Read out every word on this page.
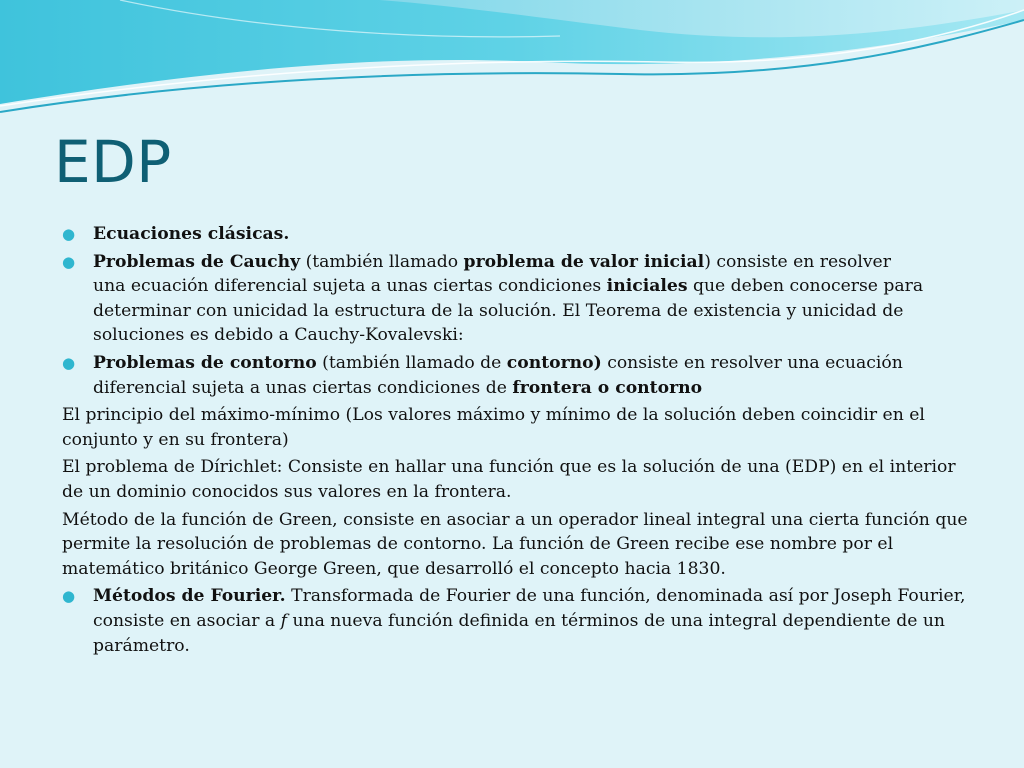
EDP
● Ecuaciones clásicas.
● Problemas de Cauchy (también llamado problema de valor inicial) consiste en resolver
una ecuación diferencial sujeta a unas ciertas condiciones iniciales que deben conocerse para determinar con unicidad la estructura de la solución. El Teorema de existencia y unicidad de soluciones es debido a Cauchy-Kovalevski:
● Problemas de contorno (también llamado de contorno) consiste en resolver una ecuación diferencial sujeta a unas ciertas condiciones de frontera o contorno
El principio del máximo-mínimo (Los valores máximo y mínimo de la solución deben coincidir en el conjunto y en su frontera)
El problema de Dírichlet: Consiste en hallar una función que es la solución de una (EDP) en el interior de un dominio conocidos sus valores en la frontera.
Método de la función de Green, consiste en asociar a un operador lineal integral una cierta función que permite la resolución de problemas de contorno. La función de Green recibe ese nombre por el matemático británico George Green, que desarrolló el concepto hacia 1830.
● Métodos de Fourier. Transformada de Fourier de una función, denominada así por Joseph Fourier, consiste en asociar a f una nueva función definida en términos de una integral dependiente de un parámetro.
